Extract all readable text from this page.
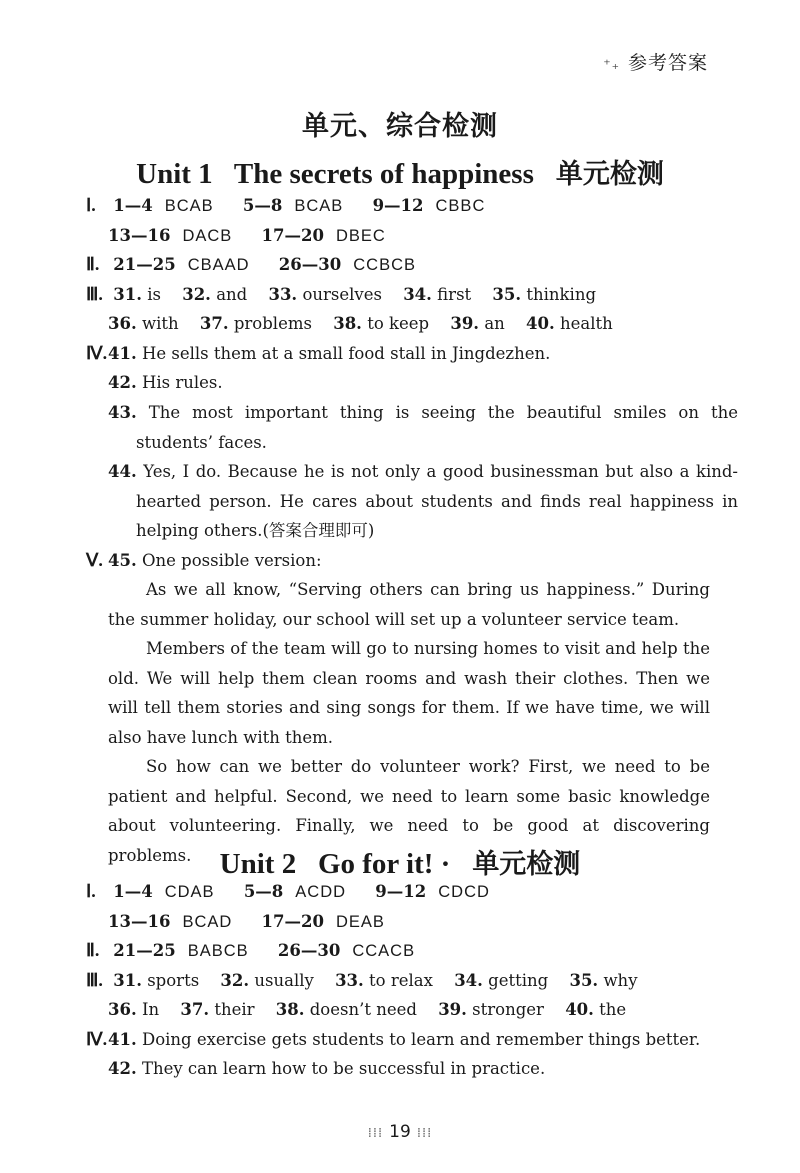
⁺₊ 参考答案
单元、综合检测
Unit 1   The secrets of happiness 单元检测
Ⅰ. 1—4 BCAB 5—8 BCAB 9—12 CBBC
13—16 DACB 17—20 DBEC
Ⅱ. 21—25 CBAAD 26—30 CCBCB
Ⅲ. 31. is 32. and 33. ourselves 34. first 35. thinking
36. with 37. problems 38. to keep 39. an 40. health
Ⅳ.41. He sells them at a small food stall in Jingdezhen.
42. His rules.
43. The most important thing is seeing the beautiful smiles on the students’ faces.
44. Yes, I do. Because he is not only a good businessman but also a kind-hearted person. He cares about students and finds real happiness in helping others.(答案合理即可)
Ⅴ. 45. One possible version:

As we all know, “Serving others can bring us happiness.” During the summer holiday, our school will set up a volunteer service team.

Members of the team will go to nursing homes to visit and help the old. We will help them clean rooms and wash their clothes. Then we will tell them stories and sing songs for them. If we have time, we will also have lunch with them.

So how can we better do volunteer work? First, we need to be patient and helpful. Second, we need to learn some basic knowledge about volunteering. Finally, we need to be good at discovering problems. Unit 2   Go for it! · 单元检测
Ⅰ. 1—4 CDAB 5—8 ACDD 9—12 CDCD
13—16 BCAD 17—20 DEAB
Ⅱ. 21—25 BABCB 26—30 CCACB
Ⅲ. 31. sports 32. usually 33. to relax 34. getting 35. why
36. In 37. their 38. doesn’t need 39. stronger 40. the
Ⅳ.41. Doing exercise gets students to learn and remember things better.
42. They can learn how to be successful in practice.
⁞⁞⁞ 19 ⁞⁞⁞
